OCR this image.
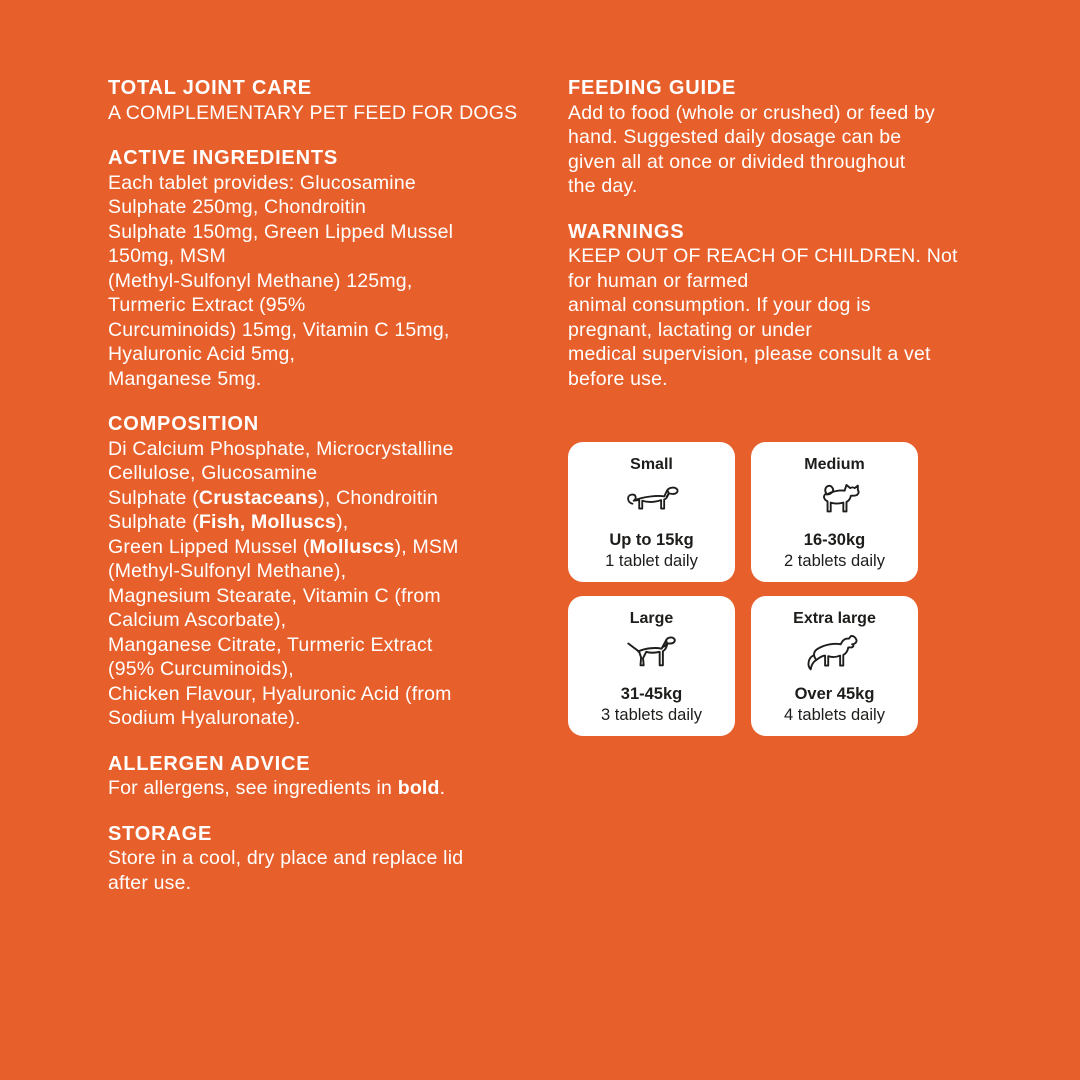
TOTAL JOINT CARE

A COMPLEMENTARY PET FEED FOR DOGS

ACTIVE INGREDIENTS

Each tablet provides: Glucosamine
Sulphate 250mg, Chondroitin
Sulphate 150mg, Green Lipped Mussel
150mg, MSM
(Methyl-Sulfonyl Methane) 125mg,
Turmeric Extract (95%
Curcuminoids) 15mg, Vitamin C 15mg,
Hyaluronic Acid 5mg,
Manganese 5mg.

COMPOSITION

Di Calcium Phosphate, Microcrystalline
Cellulose, Glucosamine
Sulphate (Crustaceans), Chondroitin
Sulphate (Fish, Molluscs),
Green Lipped Mussel (Molluscs), MSM
(Methyl-Sulfonyl Methane),
Magnesium Stearate, Vitamin C (from
Calcium Ascorbate),
Manganese Citrate, Turmeric Extract
(95% Curcuminoids),
Chicken Flavour, Hyaluronic Acid (from
Sodium Hyaluronate).

ALLERGEN ADVICE

For allergens, see ingredients in bold.

STORAGE

Store in a cool, dry place and replace lid
after use.

FEEDING GUIDE

Add to food (whole or crushed) or feed by
hand. Suggested daily dosage can be
given all at once or divided throughout
the day.

WARNINGS

KEEP OUT OF REACH OF CHILDREN. Not
for human or farmed
animal consumption. If your dog is
pregnant, lactating or under
medical supervision, please consult a vet
before use.

Small
Up to 15kg
1 tablet daily
Medium
16-30kg
2 tablets daily
Large
31-45kg
3 tablets daily
Extra large
Over 45kg
4 tablets daily
